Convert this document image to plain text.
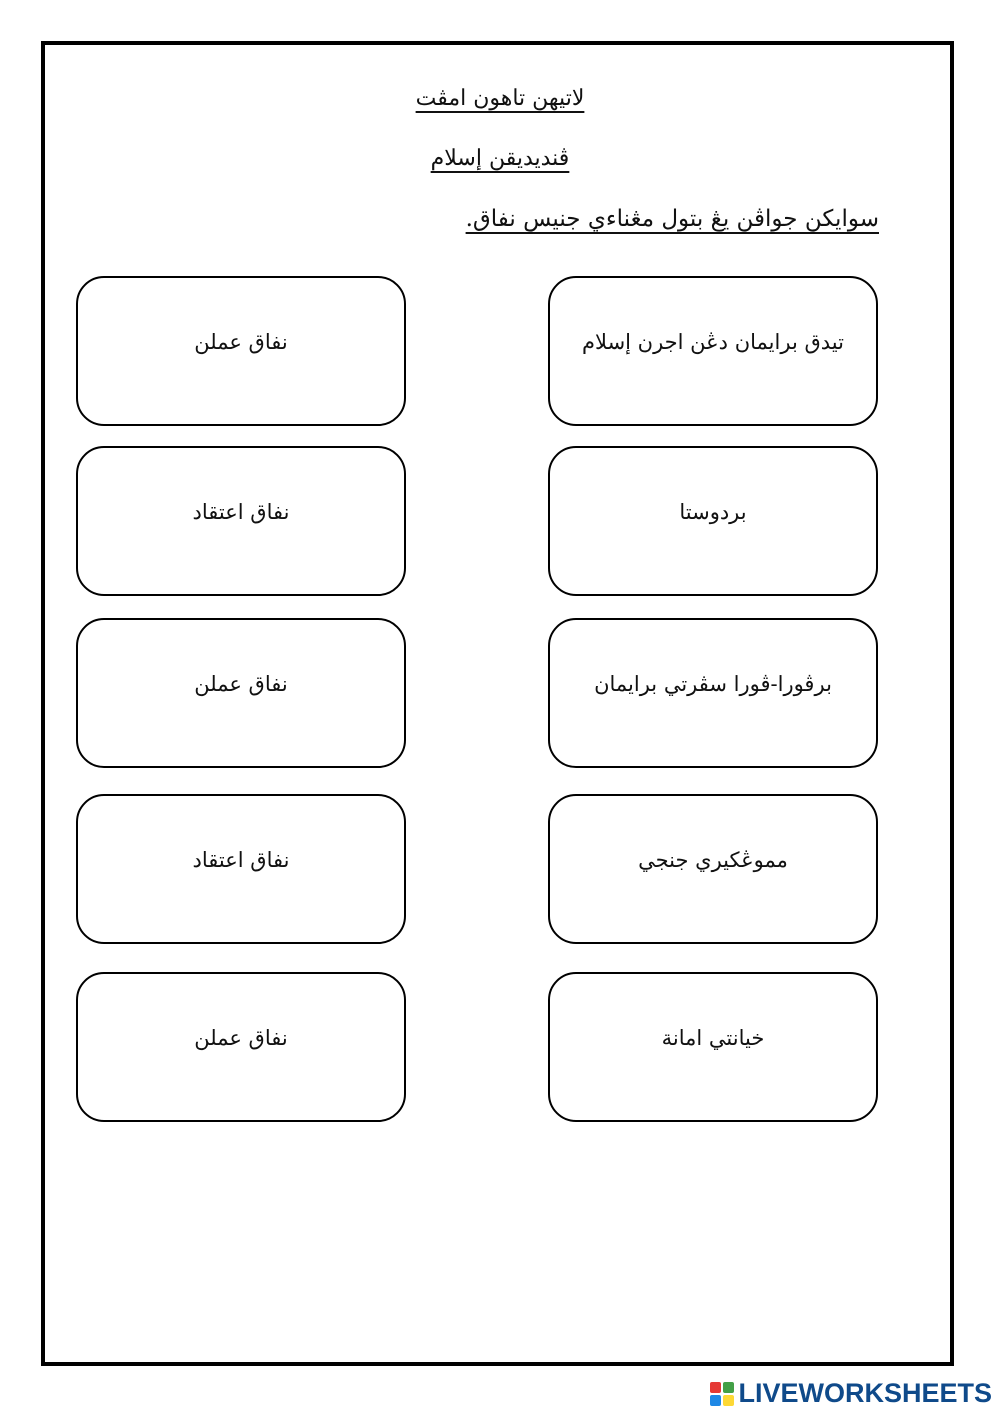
لاتيهن تاهون امڤت
ڤنديديقن إسلام
سوايكن جواڤن يڠ بتول مڠناءي جنيس نفاق.
نفاق عملن
نفاق اعتقاد
نفاق عملن
نفاق اعتقاد
نفاق عملن
تيدق برايمان دڠن اجرن إسلام
بردوستا
برڤورا-ڤورا سڤرتي برايمان
مموڠكيري جنجي
خيانتي امانة
LIVEWORKSHEETS
